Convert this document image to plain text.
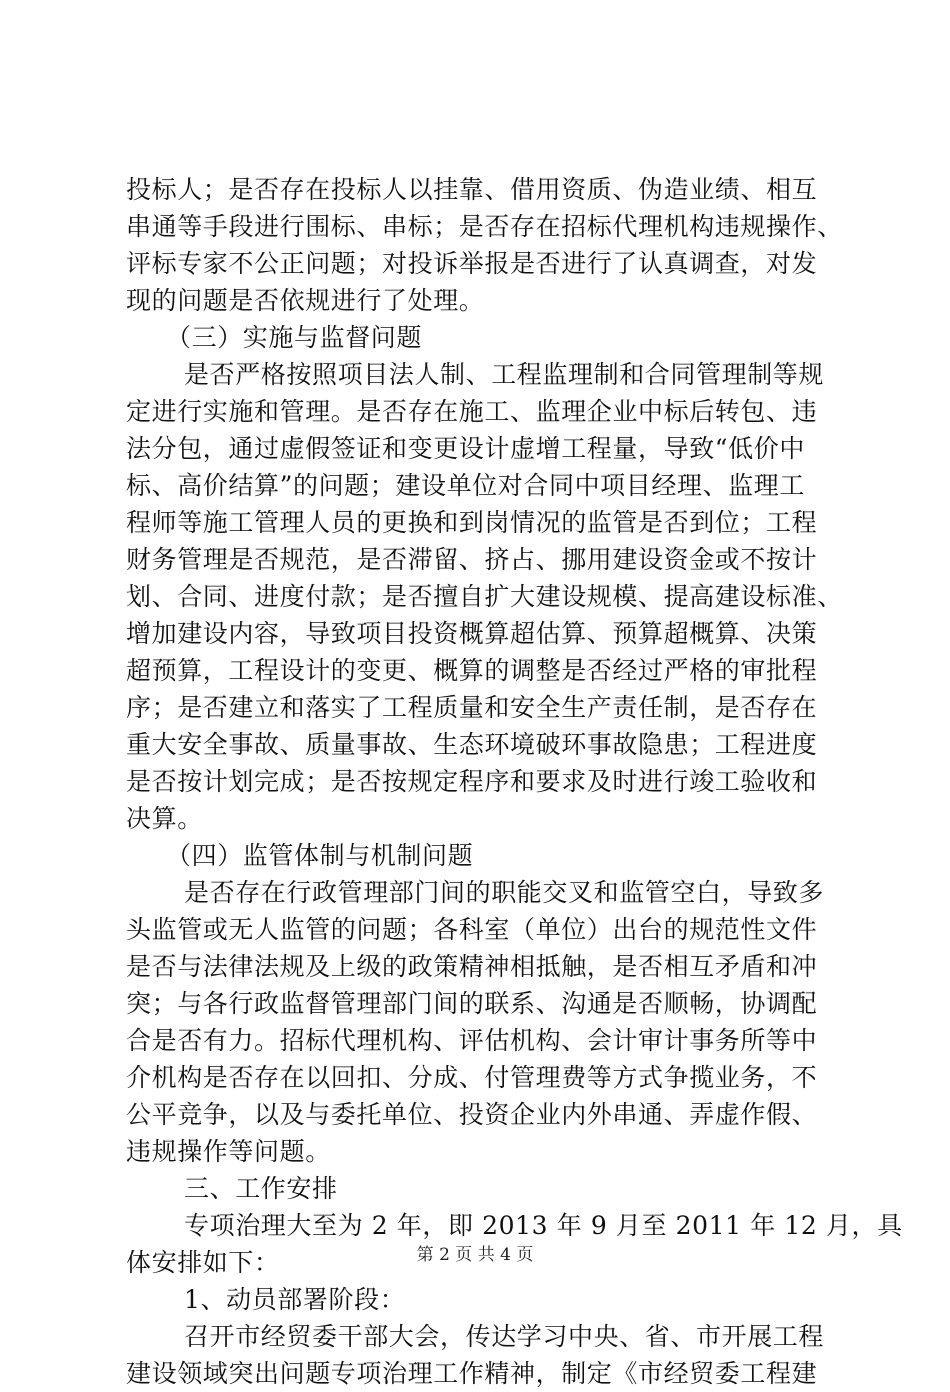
投标人；是否存在投标人以挂靠、借用资质、伪造业绩、相互
串通等手段进行围标、串标；是否存在招标代理机构违规操作、
评标专家不公正问题；对投诉举报是否进行了认真调查，对发
现的问题是否依规进行了处理。
（三）实施与监督问题
是否严格按照项目法人制、工程监理制和合同管理制等规
定进行实施和管理。是否存在施工、监理企业中标后转包、违
法分包，通过虚假签证和变更设计虚增工程量，导致“低价中
标、高价结算”的问题；建设单位对合同中项目经理、监理工
程师等施工管理人员的更换和到岗情况的监管是否到位；工程
财务管理是否规范，是否滞留、挤占、挪用建设资金或不按计
划、合同、进度付款；是否擅自扩大建设规模、提高建设标准、
增加建设内容，导致项目投资概算超估算、预算超概算、决策
超预算，工程设计的变更、概算的调整是否经过严格的审批程
序；是否建立和落实了工程质量和安全生产责任制，是否存在
重大安全事故、质量事故、生态环境破环事故隐患；工程进度
是否按计划完成；是否按规定程序和要求及时进行竣工验收和
决算。
（四）监管体制与机制问题
是否存在行政管理部门间的职能交叉和监管空白，导致多
头监管或无人监管的问题；各科室（单位）出台的规范性文件
是否与法律法规及上级的政策精神相抵触，是否相互矛盾和冲
突；与各行政监督管理部门间的联系、沟通是否顺畅，协调配
合是否有力。招标代理机构、评估机构、会计审计事务所等中
介机构是否存在以回扣、分成、付管理费等方式争揽业务，不
公平竞争，以及与委托单位、投资企业内外串通、弄虚作假、
违规操作等问题。
三、工作安排
专项治理大至为 2 年，即 2013 年 9 月至 2011 年 12 月，具
体安排如下：
1、动员部署阶段：
召开市经贸委干部大会，传达学习中央、省、市开展工程
建设领域突出问题专项治理工作精神，制定《市经贸委工程建
第 2 页 共 4 页
